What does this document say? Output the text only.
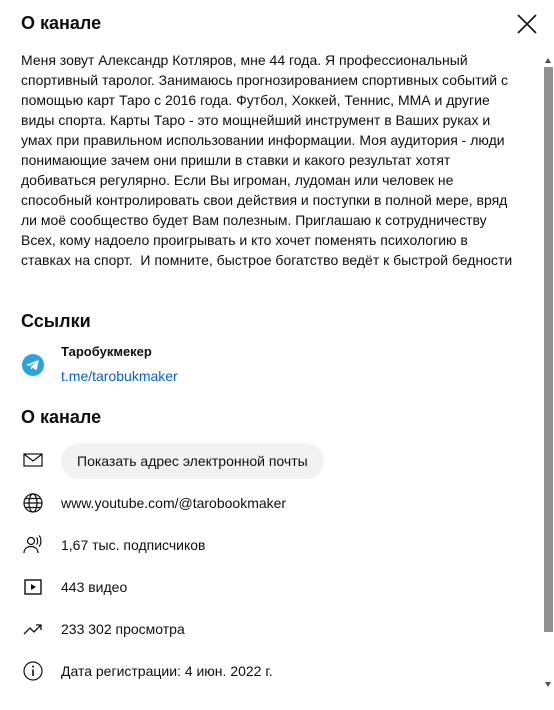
О канале

Меня зовут Александр Котляров, мне 44 года. Я профессиональный спортивный таролог. Занимаюсь прогнозированием спортивных событий с помощью карт Таро с 2016 года. Футбол, Хоккей, Теннис, ММА и другие виды спорта. Карты Таро - это мощнейший инструмент в Ваших руках и умах при правильном использовании информации. Моя аудитория - люди понимающие зачем они пришли в ставки и какого результат хотят добиваться регулярно. Если Вы игроман, лудоман или человек не способный контролировать свои действия и поступки в полной мере, вряд ли моё сообщество будет Вам полезным. Приглашаю к сотрудничеству Всех, кому надоело проигрывать и кто хочет поменять психологию в ставках на спорт.  И помните, быстрое богатство ведёт к быстрой бедности

Ссылки
Таробукмекер
t.me/tarobukmaker
О канале
Показать адрес электронной почты
www.youtube.com/@tarobookmaker
1,67 тыс. подписчиков
443 видео
233 302 просмотра
Дата регистрации: 4 июн. 2022 г.
